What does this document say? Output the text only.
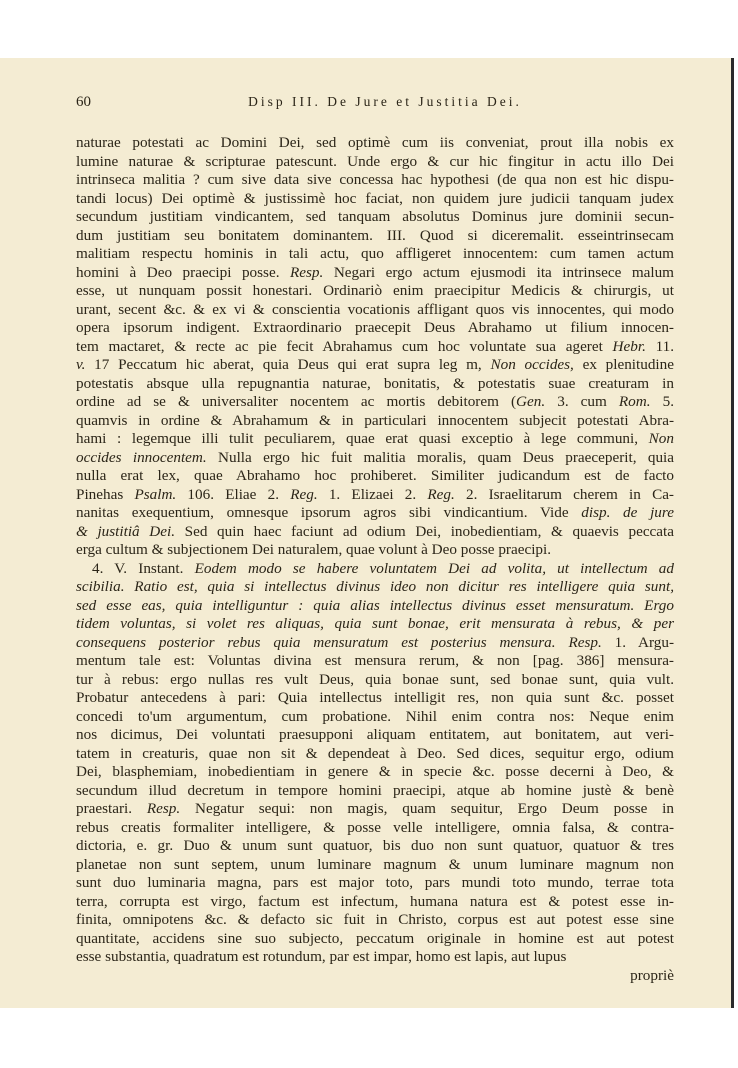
60	Disp III. De Jure et Justitia Dei.
naturae potestati ac Domini Dei, sed optimè cum iis conveniat, prout illa nobis ex
lumine naturae & scripturae patescunt. Unde ergo & cur hic fingitur in actu illo Dei
intrinseca malitia ? cum sive data sive concessa hac hypothesi (de qua non est hic dispu-
tandi locus) Dei optimè & justissimè hoc faciat, non quidem jure judicii tanquam judex
secundum justitiam vindicantem, sed tanquam absolutus Dominus jure dominii secun-
dum justitiam seu bonitatem dominantem. III. Quod si diceremalit. esseintrinsecam
malitiam respectu hominis in tali actu, quo affligeret innocentem: cum tamen actum
homini à Deo praecipi posse. Resp. Negari ergo actum ejusmodi ita intrinsece malum
esse, ut nunquam possit honestari. Ordinariò enim praecipitur Medicis & chirurgis, ut
urant, secent &c. & ex vi & conscientia vocationis affligant quos vis innocentes, qui modo
opera ipsorum indigent. Extraordinario praecepit Deus Abrahamo ut filium innocen-
tem mactaret, & recte ac pie fecit Abrahamus cum hoc voluntate sua ageret Hebr. 11.
v. 17 Peccatum hic aberat, quia Deus qui erat supra leg m, Non occides, ex plenitudine
potestatis absque ulla repugnantia naturae, bonitatis, & potestatis suae creaturam in
ordine ad se & universaliter nocentem ac mortis debitorem (Gen. 3. cum Rom. 5.
quamvis in ordine & Abrahamum & in particulari innocentem subjecit potestati Abra-
hami : legemque illi tulit peculiarem, quae erat quasi exceptio à lege communi, Non
occides innocentem. Nulla ergo hic fuit malitia moralis, quam Deus praeceperit, quia
nulla erat lex, quae Abrahamo hoc prohiberet. Similiter judicandum est de facto
Pinehas Psalm. 106. Eliae 2. Reg. 1. Elizaei 2. Reg. 2. Israelitarum cherem in Ca-
nanitas exequentium, omnesque ipsorum agros sibi vindicantium. Vide disp. de jure
& justitiâ Dei. Sed quin haec faciunt ad odium Dei, inobedientiam, & quaevis peccata
erga cultum & subjectionem Dei naturalem, quae volunt à Deo posse praecipi.
4. V. Instant. Eodem modo se habere voluntatem Dei ad volita, ut intellectum ad
scibilia. Ratio est, quia si intellectus divinus ideo non dicitur res intelligere quia sunt,
sed esse eas, quia intelliguntur : quia alias intellectus divinus esset mensuratum. Ergo
tidem voluntas, si volet res aliquas, quia sunt bonae, erit mensurata à rebus, & per
consequens posterior rebus quia mensuratum est posterius mensura. Resp. 1. Argu-
mentum tale est: Voluntas divina est mensura rerum, & non [pag. 386] mensura-
tur à rebus: ergo nullas res vult Deus, quia bonae sunt, sed bonae sunt, quia vult.
Probatur antecedens à pari: Quia intellectus intelligit res, non quia sunt &c. posset
concedi to'um argumentum, cum probatione. Nihil enim contra nos: Neque enim
nos dicimus, Dei voluntati praesupponi aliquam entitatem, aut bonitatem, aut veri-
tatem in creaturis, quae non sit & dependeat à Deo. Sed dices, sequitur ergo, odium
Dei, blasphemiam, inobedientiam in genere & in specie &c. posse decerni à Deo, &
secundum illud decretum in tempore homini praecipi, atque ab homine justè & benè
praestari. Resp. Negatur sequi: non magis, quam sequitur, Ergo Deum posse in
rebus creatis formaliter intelligere, & posse velle intelligere, omnia falsa, & contra-
dictoria, e. gr. Duo & unum sunt quatuor, bis duo non sunt quatuor, quatuor & tres
planetae non sunt septem, unum luminare magnum & unum luminare magnum non
sunt duo luminaria magna, pars est major toto, pars mundi toto mundo, terrae tota
terra, corrupta est virgo, factum est infectum, humana natura est & potest esse in-
finita, omnipotens &c. & defacto sic fuit in Christo, corpus est aut potest esse sine
quantitate, accidens sine suo subjecto, peccatum originale in homine est aut potest
esse substantia, quadratum est rotundum, par est impar, homo est lapis, aut lupus
propriè
